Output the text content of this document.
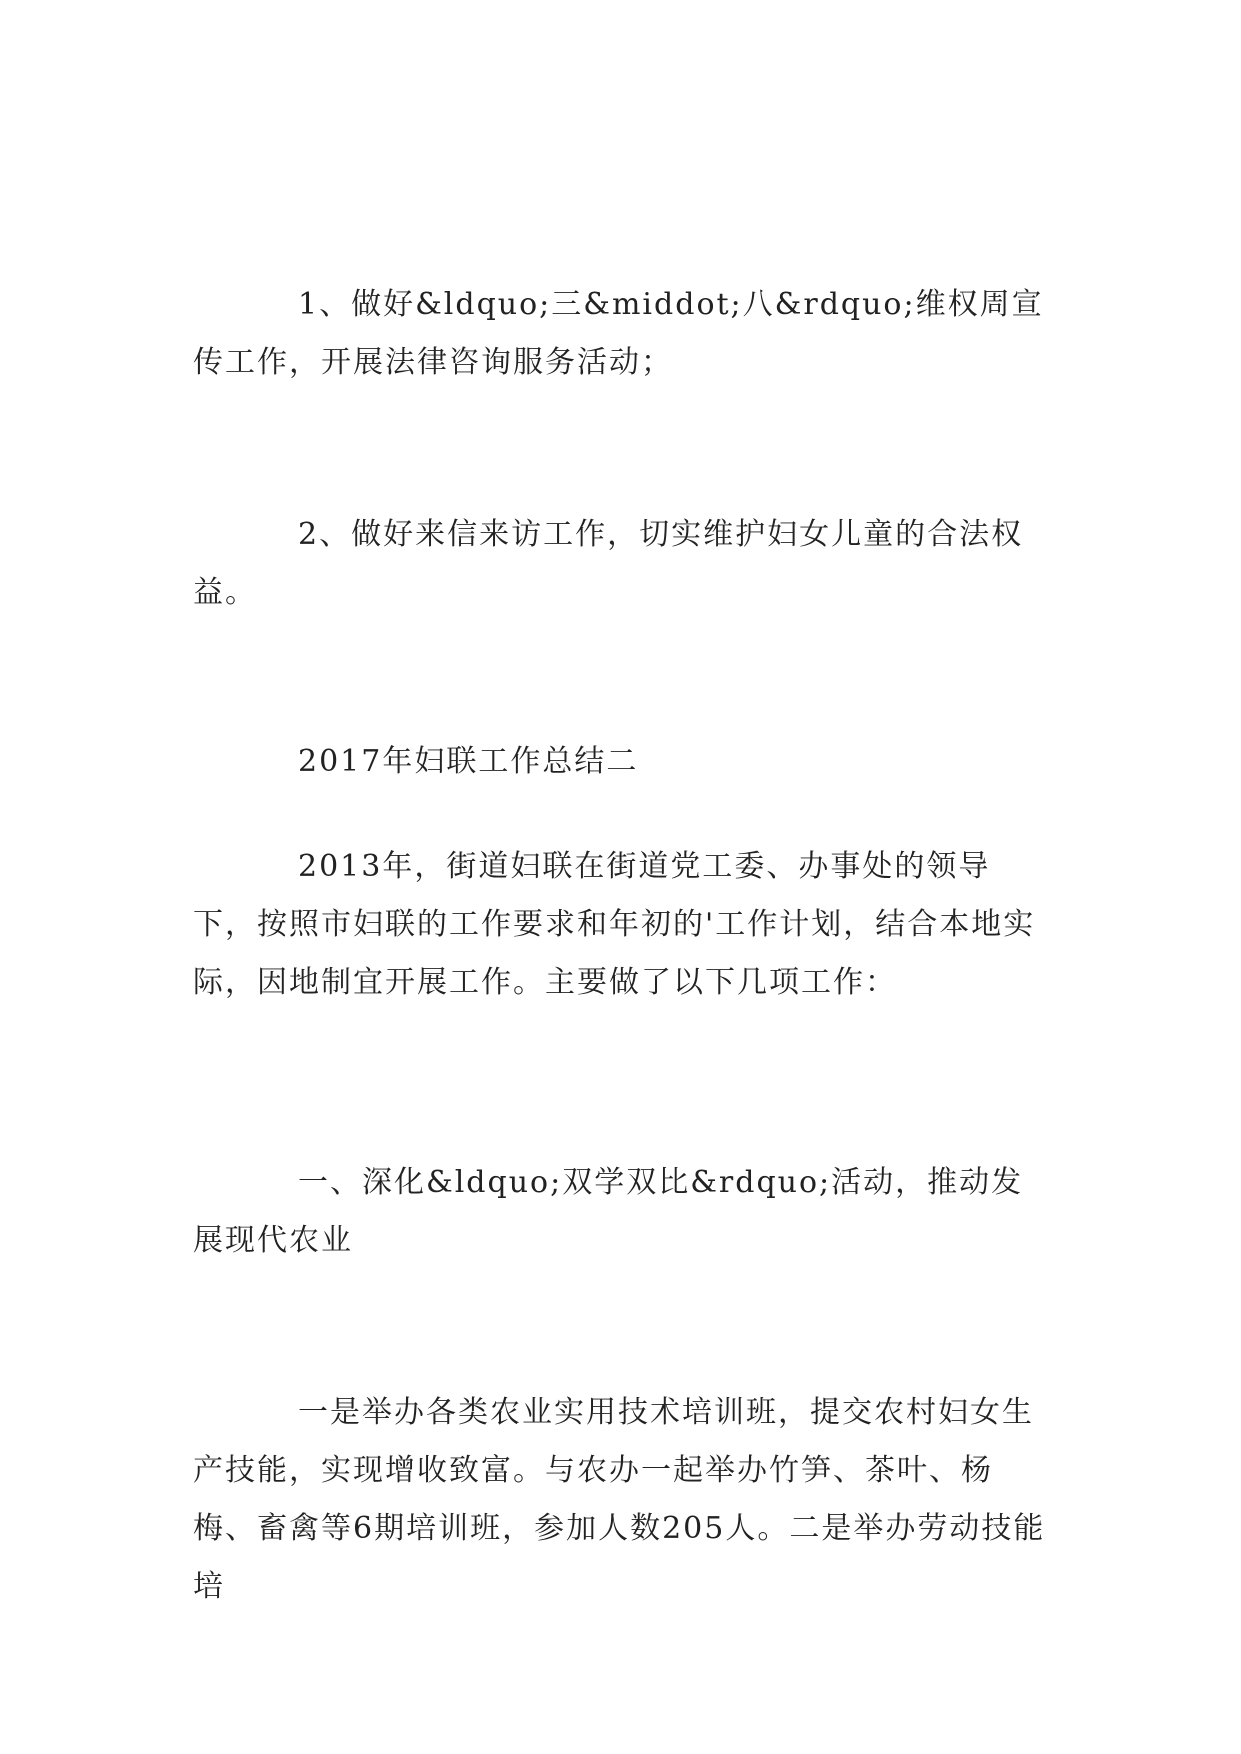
1、做好&ldquo;三&middot;八&rdquo;维权周宣传工作，开展法律咨询服务活动；

2、做好来信来访工作，切实维护妇女儿童的合法权益。

2017年妇联工作总结二

2013年，街道妇联在街道党工委、办事处的领导下，按照市妇联的工作要求和年初的'工作计划，结合本地实际，因地制宜开展工作。主要做了以下几项工作：

一、深化&ldquo;双学双比&rdquo;活动，推动发展现代农业

一是举办各类农业实用技术培训班，提交农村妇女生产技能，实现增收致富。与农办一起举办竹笋、茶叶、杨梅、畜禽等6期培训班，参加人数205人。二是举办劳动技能培
